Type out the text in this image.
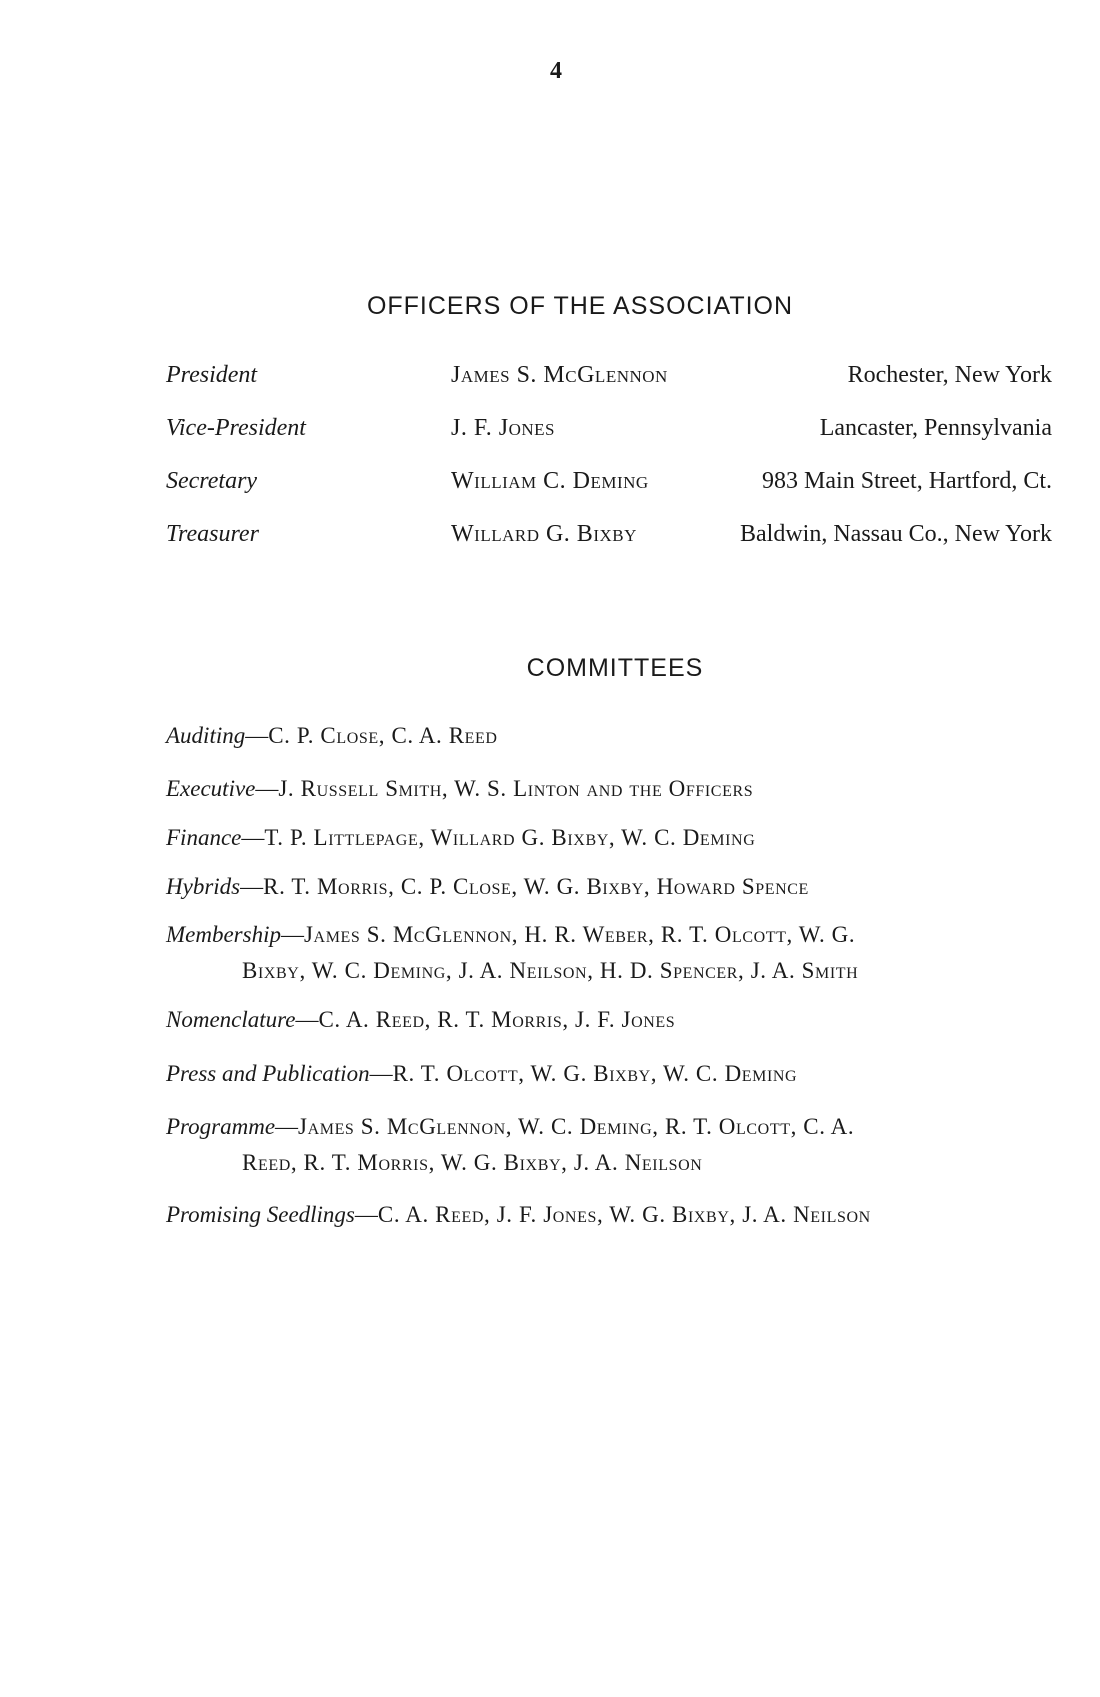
4
OFFICERS OF THE ASSOCIATION
President	James S. McGlennon	Rochester, New York
Vice-President	J. F. Jones	Lancaster, Pennsylvania
Secretary	William C. Deming	983 Main Street, Hartford, Ct.
Treasurer	Willard G. Bixby	Baldwin, Nassau Co., New York
COMMITTEES
Auditing—C. P. Close, C. A. Reed
Executive—J. Russell Smith, W. S. Linton and the Officers
Finance—T. P. Littlepage, Willard G. Bixby, W. C. Deming
Hybrids—R. T. Morris, C. P. Close, W. G. Bixby, Howard Spence
Membership—James S. McGlennon, H. R. Weber, R. T. Olcott, W. G.
Bixby, W. C. Deming, J. A. Neilson, H. D. Spencer, J. A. Smith
Nomenclature—C. A. Reed, R. T. Morris, J. F. Jones
Press and Publication—R. T. Olcott, W. G. Bixby, W. C. Deming
Programme—James S. McGlennon, W. C. Deming, R. T. Olcott, C. A.
Reed, R. T. Morris, W. G. Bixby, J. A. Neilson
Promising Seedlings—C. A. Reed, J. F. Jones, W. G. Bixby, J. A. Neilson
